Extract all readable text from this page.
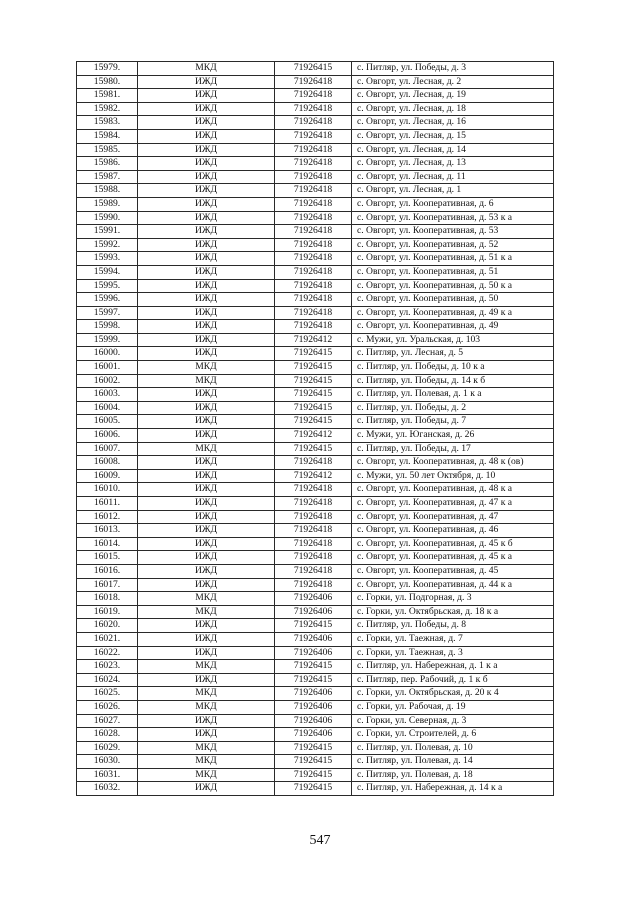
15979.	МКД	71926415	с. Питляр, ул. Победы, д. 3
15980.	ИЖД	71926418	с. Овгорт, ул. Лесная, д. 2
15981.	ИЖД	71926418	с. Овгорт, ул. Лесная, д. 19
15982.	ИЖД	71926418	с. Овгорт, ул. Лесная, д. 18
15983.	ИЖД	71926418	с. Овгорт, ул. Лесная, д. 16
15984.	ИЖД	71926418	с. Овгорт, ул. Лесная, д. 15
15985.	ИЖД	71926418	с. Овгорт, ул. Лесная, д. 14
15986.	ИЖД	71926418	с. Овгорт, ул. Лесная, д. 13
15987.	ИЖД	71926418	с. Овгорт, ул. Лесная, д. 11
15988.	ИЖД	71926418	с. Овгорт, ул. Лесная, д. 1
15989.	ИЖД	71926418	с. Овгорт, ул. Кооперативная, д. 6
15990.	ИЖД	71926418	с. Овгорт, ул. Кооперативная, д. 53 к а
15991.	ИЖД	71926418	с. Овгорт, ул. Кооперативная, д. 53
15992.	ИЖД	71926418	с. Овгорт, ул. Кооперативная, д. 52
15993.	ИЖД	71926418	с. Овгорт, ул. Кооперативная, д. 51 к а
15994.	ИЖД	71926418	с. Овгорт, ул. Кооперативная, д. 51
15995.	ИЖД	71926418	с. Овгорт, ул. Кооперативная, д. 50 к а
15996.	ИЖД	71926418	с. Овгорт, ул. Кооперативная, д. 50
15997.	ИЖД	71926418	с. Овгорт, ул. Кооперативная, д. 49 к а
15998.	ИЖД	71926418	с. Овгорт, ул. Кооперативная, д. 49
15999.	ИЖД	71926412	с. Мужи, ул. Уральская, д. 103
16000.	ИЖД	71926415	с. Питляр, ул. Лесная, д. 5
16001.	МКД	71926415	с. Питляр, ул. Победы, д. 10 к а
16002.	МКД	71926415	с. Питляр, ул. Победы, д. 14 к б
16003.	ИЖД	71926415	с. Питляр, ул. Полевая, д. 1 к а
16004.	ИЖД	71926415	с. Питляр, ул. Победы, д. 2
16005.	ИЖД	71926415	с. Питляр, ул. Победы, д. 7
16006.	ИЖД	71926412	с. Мужи, ул. Юганская, д. 26
16007.	МКД	71926415	с. Питляр, ул. Победы, д. 17
16008.	ИЖД	71926418	с. Овгорт, ул. Кооперативная, д. 48 к (ов)
16009.	ИЖД	71926412	с. Мужи, ул. 50 лет Октября, д. 10
16010.	ИЖД	71926418	с. Овгорт, ул. Кооперативная, д. 48 к а
16011.	ИЖД	71926418	с. Овгорт, ул. Кооперативная, д. 47 к а
16012.	ИЖД	71926418	с. Овгорт, ул. Кооперативная, д. 47
16013.	ИЖД	71926418	с. Овгорт, ул. Кооперативная, д. 46
16014.	ИЖД	71926418	с. Овгорт, ул. Кооперативная, д. 45 к б
16015.	ИЖД	71926418	с. Овгорт, ул. Кооперативная, д. 45 к а
16016.	ИЖД	71926418	с. Овгорт, ул. Кооперативная, д. 45
16017.	ИЖД	71926418	с. Овгорт, ул. Кооперативная, д. 44 к а
16018.	МКД	71926406	с. Горки, ул. Подгорная, д. 3
16019.	МКД	71926406	с. Горки, ул. Октябрьская, д. 18 к а
16020.	ИЖД	71926415	с. Питляр, ул. Победы, д. 8
16021.	ИЖД	71926406	с. Горки, ул. Таежная, д. 7
16022.	ИЖД	71926406	с. Горки, ул. Таежная, д. 3
16023.	МКД	71926415	с. Питляр, ул. Набережная, д. 1 к а
16024.	ИЖД	71926415	с. Питляр, пер. Рабочий, д. 1 к б
16025.	МКД	71926406	с. Горки, ул. Октябрьская, д. 20 к 4
16026.	МКД	71926406	с. Горки, ул. Рабочая, д. 19
16027.	ИЖД	71926406	с. Горки, ул. Северная, д. 3
16028.	ИЖД	71926406	с. Горки, ул. Строителей, д. 6
16029.	МКД	71926415	с. Питляр, ул. Полевая, д. 10
16030.	МКД	71926415	с. Питляр, ул. Полевая, д. 14
16031.	МКД	71926415	с. Питляр, ул. Полевая, д. 18
16032.	ИЖД	71926415	с. Питляр, ул. Набережная, д. 14 к а
547
